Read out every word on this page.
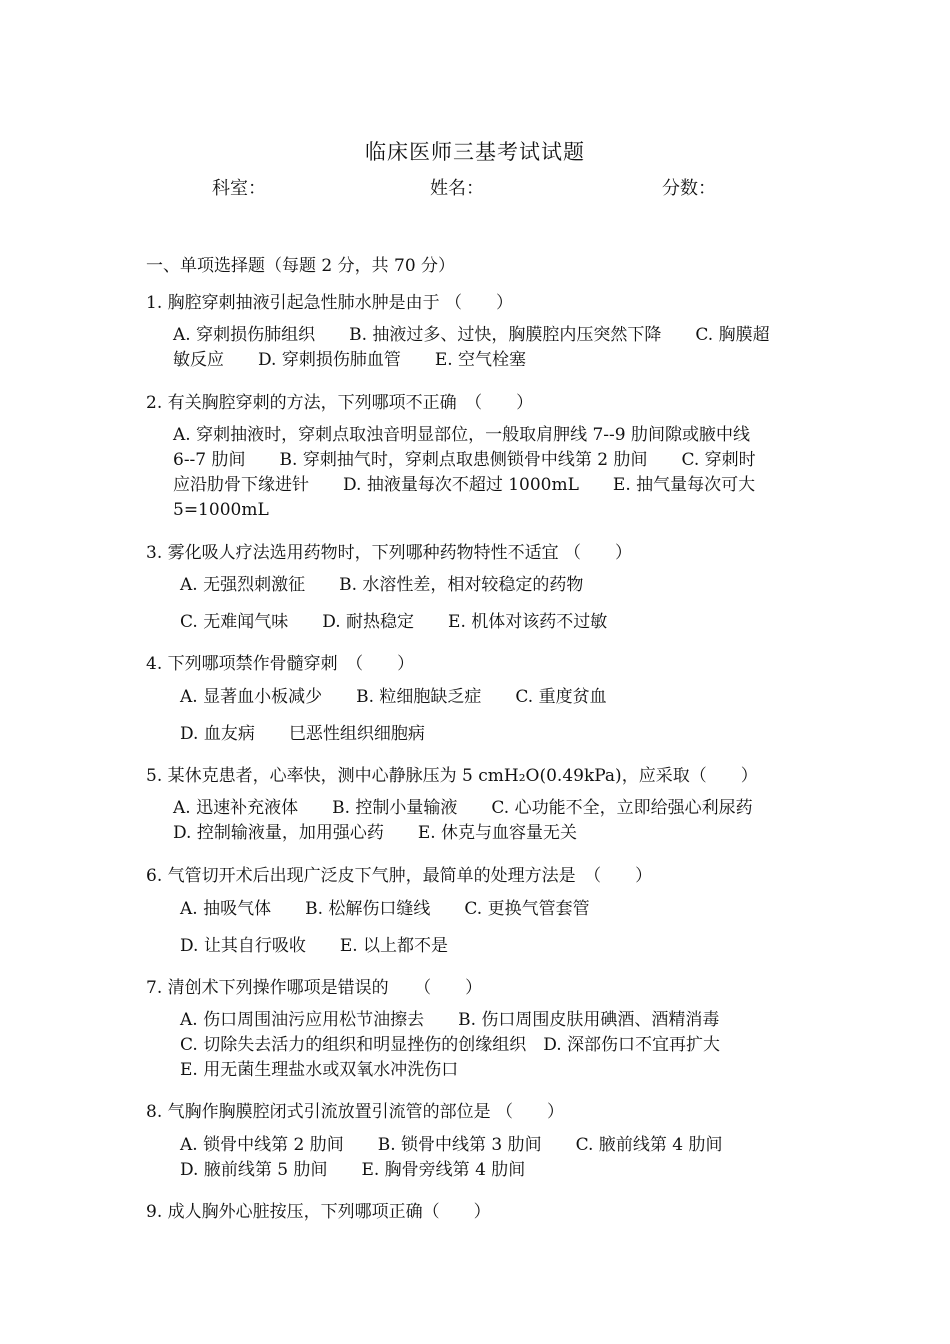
临床医师三基考试试题
科室：	姓名：	分数：
一、单项选择题（每题 2 分，共 70 分）
1. 胸腔穿刺抽液引起急性肺水肿是由于 （　　）
A. 穿刺损伤肺组织　　B. 抽液过多、过快，胸膜腔内压突然下降　　C. 胸膜超
敏反应　　D. 穿刺损伤肺血管　　E. 空气栓塞
2. 有关胸腔穿刺的方法，下列哪项不正确　（　　）
A. 穿刺抽液时，穿刺点取浊音明显部位，一般取肩胛线 7--9 肋间隙或腋中线
6--7 肋间　　B. 穿刺抽气时，穿刺点取患侧锁骨中线第 2 肋间　　C. 穿刺时
应沿肋骨下缘进针　　D. 抽液量每次不超过 1000mL　　E. 抽气量每次可大
5=1000mL
3. 雾化吸人疗法选用药物时，下列哪种药物特性不适宜 （　　）
A. 无强烈刺激征　　B. 水溶性差，相对较稳定的药物
C. 无难闻气味　　D. 耐热稳定　　E. 机体对该药不过敏
4. 下列哪项禁作骨髓穿刺　（　　）
A. 显著血小板减少　　B. 粒细胞缺乏症　　C. 重度贫血
D. 血友病　　巳恶性组织细胞病
5. 某休克患者，心率快，测中心静脉压为 5 cmH₂O(0.49kPa)，应采取（　　）
A. 迅速补充液体　　B. 控制小量输液　　C. 心功能不全，立即给强心利尿药
D. 控制输液量，加用强心药　　E. 休克与血容量无关
6. 气管切开术后出现广泛皮下气肿，最简单的处理方法是　（　　）
A. 抽吸气体　　B. 松解伤口缝线　　C. 更换气管套管
D. 让其自行吸收　　E. 以上都不是
7. 清创术下列操作哪项是错误的　　（　　）
A. 伤口周围油污应用松节油擦去　　B. 伤口周围皮肤用碘酒、酒精消毒
C. 切除失去活力的组织和明显挫伤的创缘组织　D. 深部伤口不宜再扩大
E. 用无菌生理盐水或双氧水冲洗伤口
8. 气胸作胸膜腔闭式引流放置引流管的部位是 （　　）
A. 锁骨中线第 2 肋间　　B. 锁骨中线第 3 肋间　　C. 腋前线第 4 肋间
D. 腋前线第 5 肋间　　E. 胸骨旁线第 4 肋间
9. 成人胸外心脏按压，下列哪项正确（　　）
